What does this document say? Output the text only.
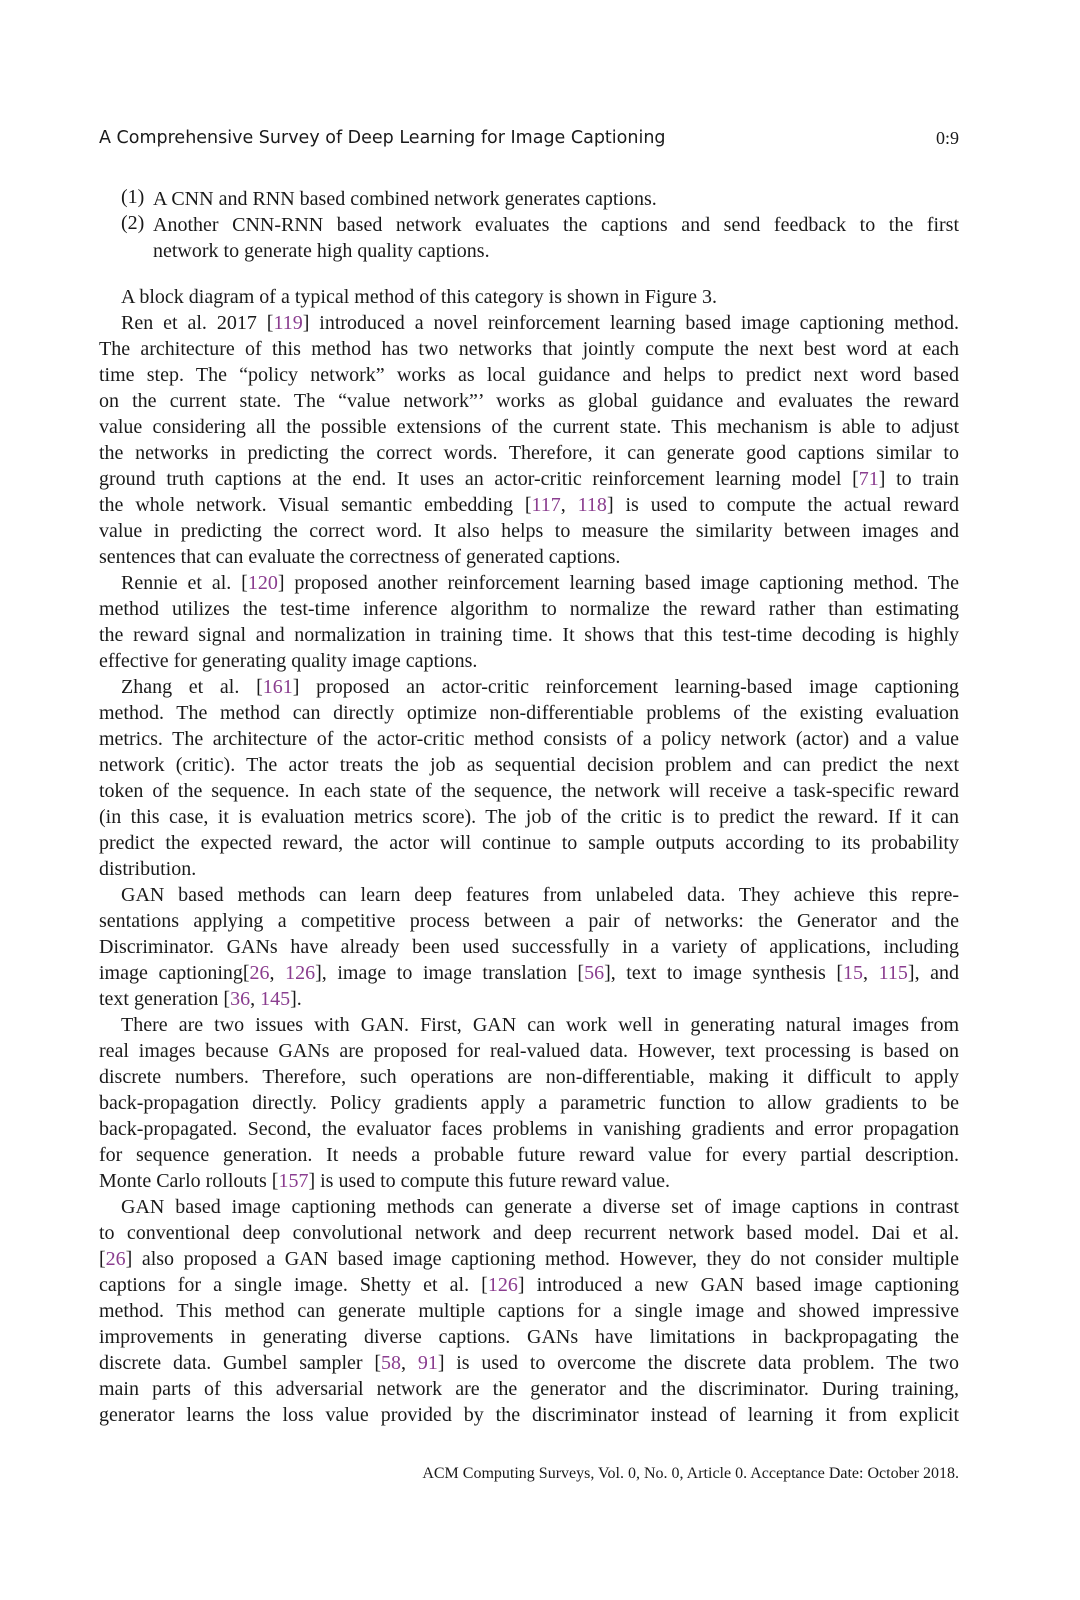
A Comprehensive Survey of Deep Learning for Image Captioning	0:9
(1) A CNN and RNN based combined network generates captions.
(2) Another CNN-RNN based network evaluates the captions and send feedback to the first
network to generate high quality captions.
A block diagram of a typical method of this category is shown in Figure 3.
Ren et al. 2017 [119] introduced a novel reinforcement learning based image captioning method.
The architecture of this method has two networks that jointly compute the next best word at each
time step. The “policy network” works as local guidance and helps to predict next word based
on the current state. The “value network”’ works as global guidance and evaluates the reward
value considering all the possible extensions of the current state. This mechanism is able to adjust
the networks in predicting the correct words. Therefore, it can generate good captions similar to
ground truth captions at the end. It uses an actor-critic reinforcement learning model [71] to train
the whole network. Visual semantic embedding [117, 118] is used to compute the actual reward
value in predicting the correct word. It also helps to measure the similarity between images and
sentences that can evaluate the correctness of generated captions.
Rennie et al. [120] proposed another reinforcement learning based image captioning method. The
method utilizes the test-time inference algorithm to normalize the reward rather than estimating
the reward signal and normalization in training time. It shows that this test-time decoding is highly
effective for generating quality image captions.
Zhang et al. [161] proposed an actor-critic reinforcement learning-based image captioning
method. The method can directly optimize non-differentiable problems of the existing evaluation
metrics. The architecture of the actor-critic method consists of a policy network (actor) and a value
network (critic). The actor treats the job as sequential decision problem and can predict the next
token of the sequence. In each state of the sequence, the network will receive a task-specific reward
(in this case, it is evaluation metrics score). The job of the critic is to predict the reward. If it can
predict the expected reward, the actor will continue to sample outputs according to its probability
distribution.
GAN based methods can learn deep features from unlabeled data. They achieve this repre-
sentations applying a competitive process between a pair of networks: the Generator and the
Discriminator. GANs have already been used successfully in a variety of applications, including
image captioning[26, 126], image to image translation [56], text to image synthesis [15, 115], and
text generation [36, 145].
There are two issues with GAN. First, GAN can work well in generating natural images from
real images because GANs are proposed for real-valued data. However, text processing is based on
discrete numbers. Therefore, such operations are non-differentiable, making it difficult to apply
back-propagation directly. Policy gradients apply a parametric function to allow gradients to be
back-propagated. Second, the evaluator faces problems in vanishing gradients and error propagation
for sequence generation. It needs a probable future reward value for every partial description.
Monte Carlo rollouts [157] is used to compute this future reward value.
GAN based image captioning methods can generate a diverse set of image captions in contrast
to conventional deep convolutional network and deep recurrent network based model. Dai et al.
[26] also proposed a GAN based image captioning method. However, they do not consider multiple
captions for a single image. Shetty et al. [126] introduced a new GAN based image captioning
method. This method can generate multiple captions for a single image and showed impressive
improvements in generating diverse captions. GANs have limitations in backpropagating the
discrete data. Gumbel sampler [58, 91] is used to overcome the discrete data problem. The two
main parts of this adversarial network are the generator and the discriminator. During training,
generator learns the loss value provided by the discriminator instead of learning it from explicit
ACM Computing Surveys, Vol. 0, No. 0, Article 0. Acceptance Date: October 2018.
